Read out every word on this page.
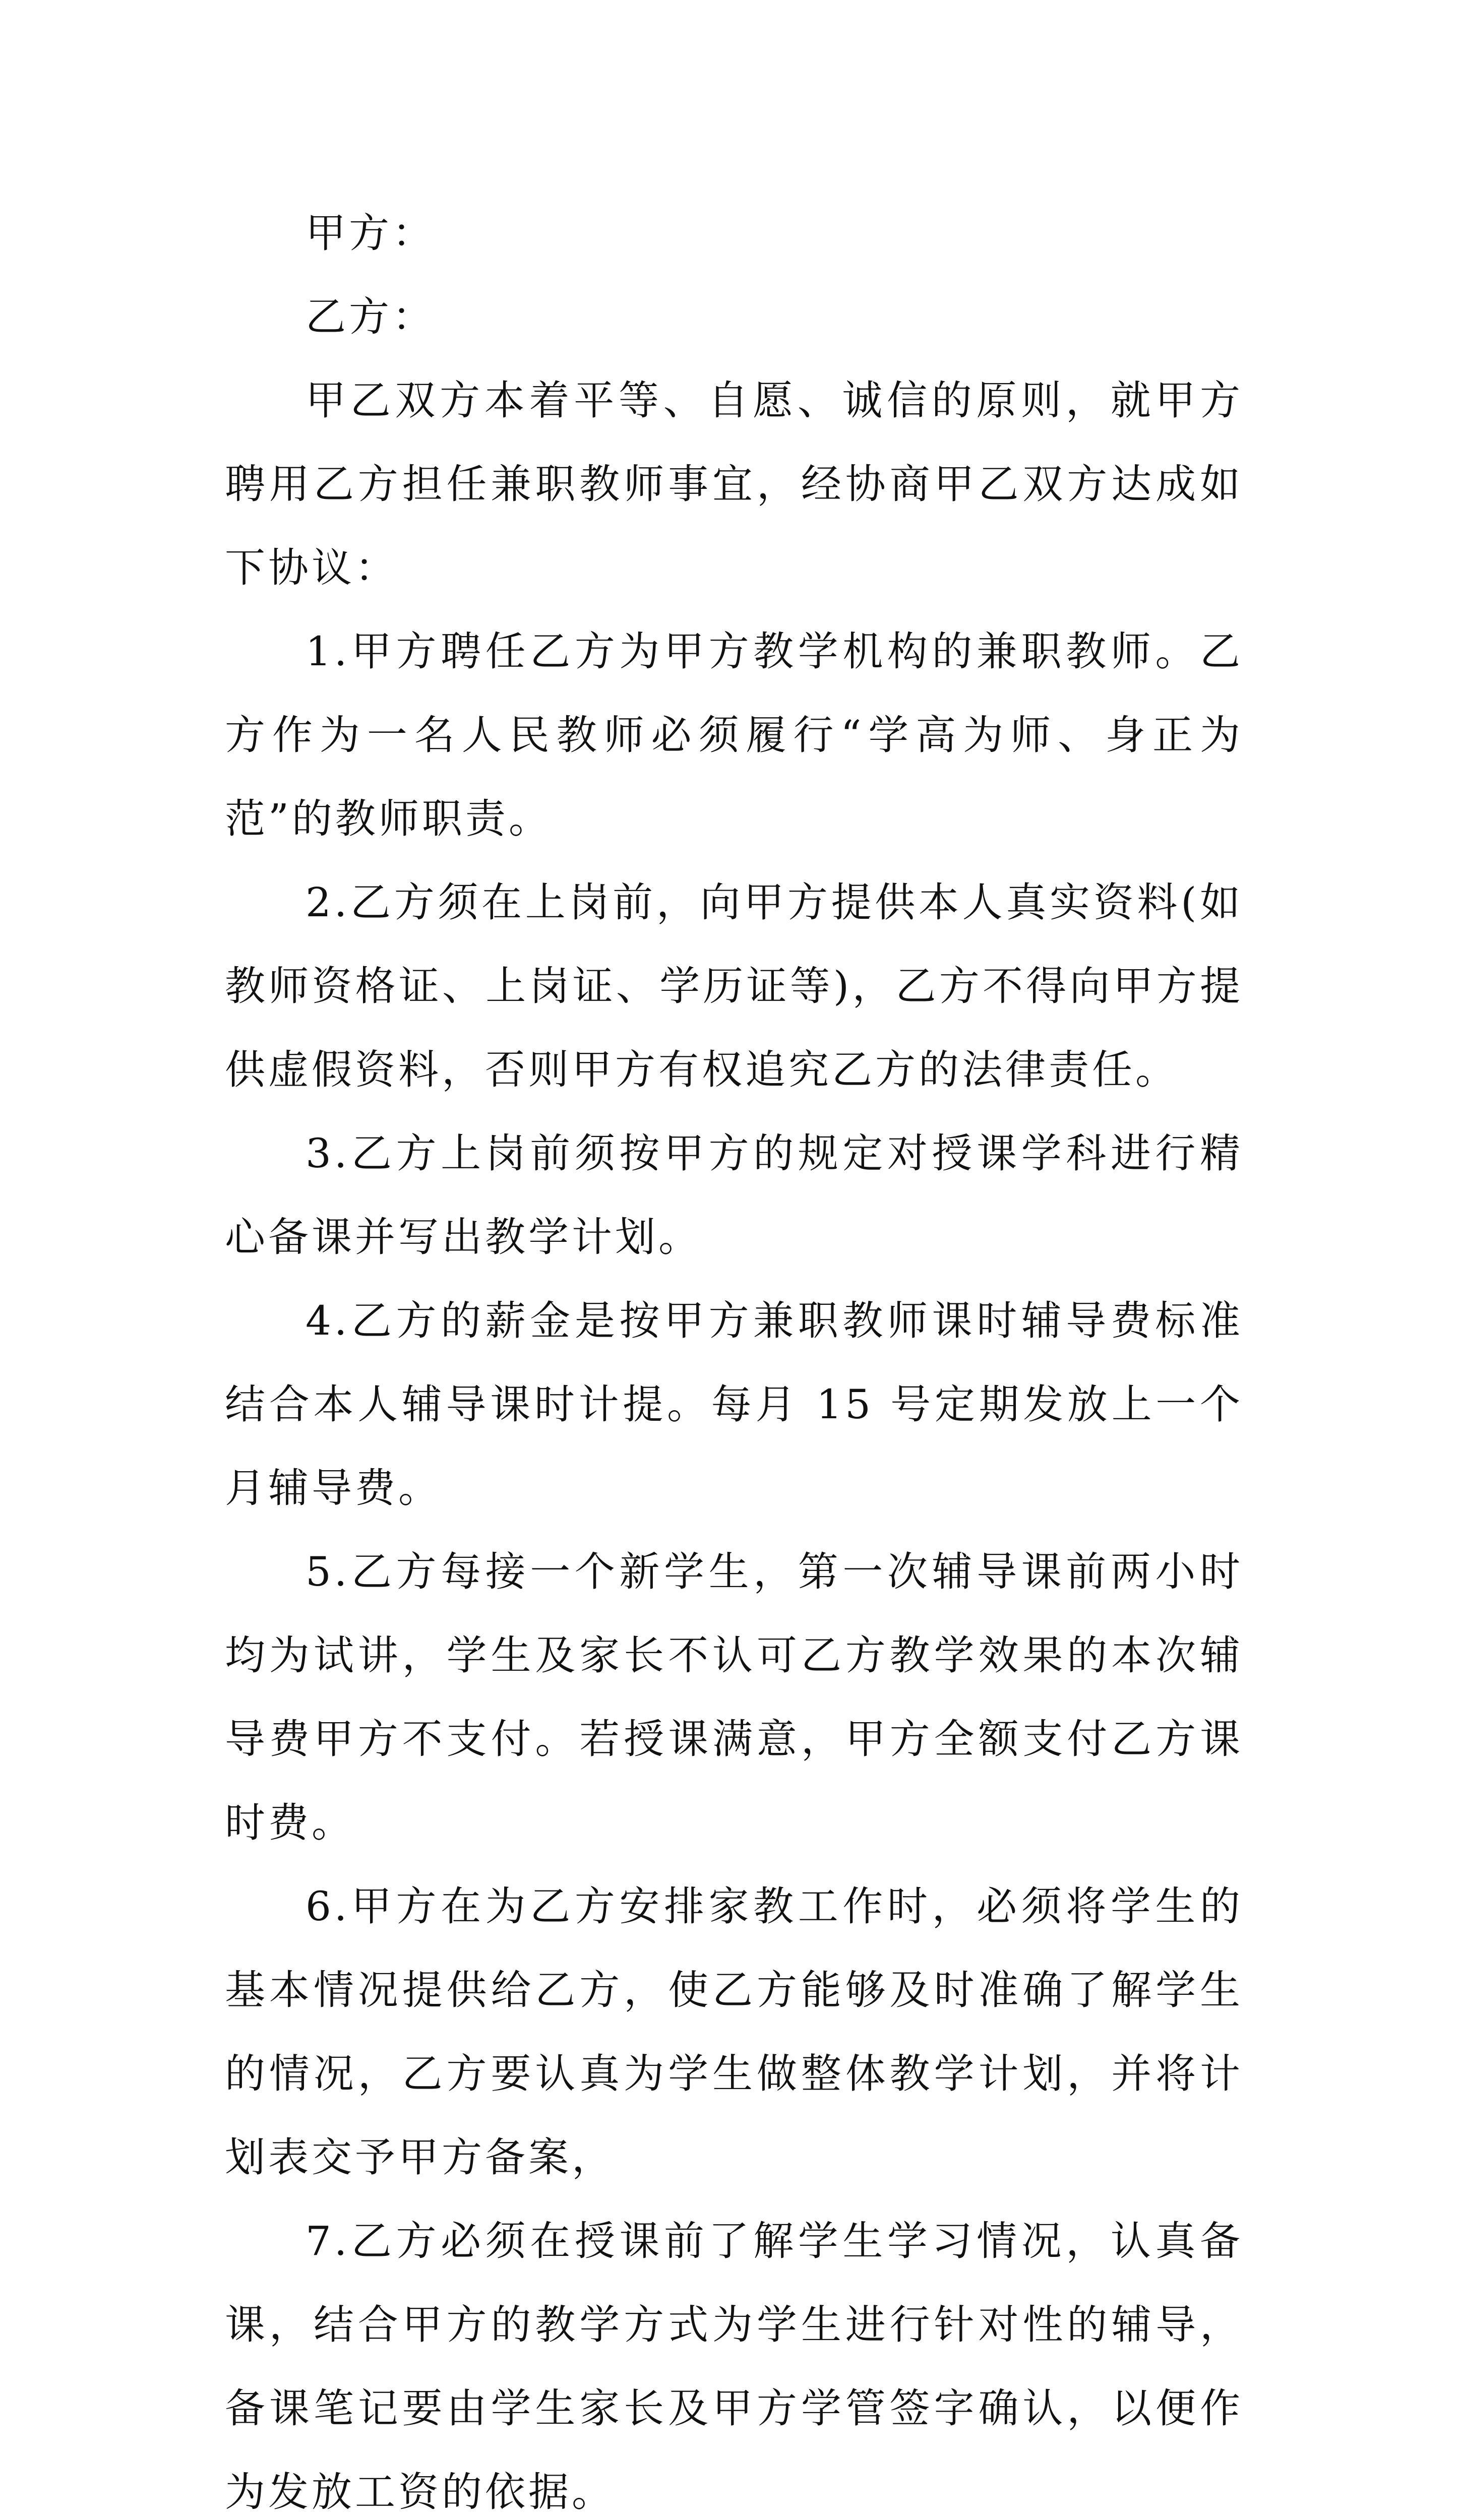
甲方：

乙方：

甲乙双方本着平等、自愿、诚信的原则，就甲方聘用乙方担任兼职教师事宜，经协商甲乙双方达成如下协议：

1.甲方聘任乙方为甲方教学机构的兼职教师。乙方作为一名人民教师必须履行“学高为师、身正为范”的教师职责。

2.乙方须在上岗前，向甲方提供本人真实资料(如教师资格证、上岗证、学历证等)，乙方不得向甲方提供虚假资料，否则甲方有权追究乙方的法律责任。

3.乙方上岗前须按甲方的规定对授课学科进行精心备课并写出教学计划。

4.乙方的薪金是按甲方兼职教师课时辅导费标准结合本人辅导课时计提。每月 15 号定期发放上一个月辅导费。

5.乙方每接一个新学生，第一次辅导课前两小时均为试讲，学生及家长不认可乙方教学效果的本次辅导费甲方不支付。若授课满意，甲方全额支付乙方课时费。

6.甲方在为乙方安排家教工作时，必须将学生的基本情况提供给乙方，使乙方能够及时准确了解学生的情况，乙方要认真为学生做整体教学计划，并将计划表交予甲方备案，

7.乙方必须在授课前了解学生学习情况，认真备课，结合甲方的教学方式为学生进行针对性的辅导，备课笔记要由学生家长及甲方学管签字确认，以便作为发放工资的依据。
